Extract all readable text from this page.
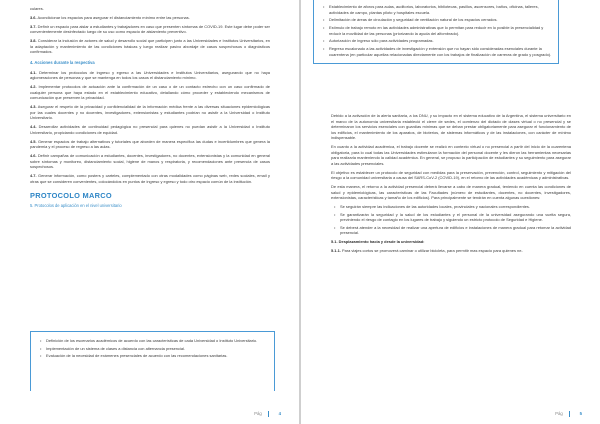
culares.

3.6. Acondicionar los espacios para asegurar el distanciamiento mínimo entre las personas.

3.7. Definir un espacio para aislar a estudiantes y trabajadores en caso que presenten síntomas de COVID-19. Este lugar debe poder ser convenientemente desinfectado luego de su uso como espacio de aislamiento preventivo.

3.8. Considerar la inclusión de actores de salud y desarrollo social que participen junto a las Universidades e Institutos Universitarios, en la adaptación y mantenimiento de las condiciones básicas y luego realizar pasivo abordaje de casos sospechosos o diagnósticos confirmados.

4. Acciones durante la respectiva

4.1. Determinar los protocolos de ingreso y egreso a las Universidades e Institutos Universitarios, asegurando que no haya aglomeraciones de personas y que se mantenga en todos los casos el distanciamiento mínimo.

4.2. Implementar protocolos de actuación ante la confirmación de un caso o de un contacto estrecho con un caso confirmado de cualquier persona que haya estado en el establecimiento educativo, detallando cómo proceder y estableciendo mecanismos de comunicación que preserven la privacidad.

4.3. Asegurar el respeto de la privacidad y confidencialidad de la información médica frente a las diversas situaciones epidemiológicas por las cuales docentes y no docentes, investigadores, extensionistas y estudiantes podrían no asistir a la Universidad o Instituto Universitario.

4.4. Desarrollar actividades de continuidad pedagógica no presencial para quienes no puedan asistir a la Universidad o Instituto Universitario, propiciando condiciones de equidad.

4.5. Generar espacios de trabajo alternativos y tutoriales que aborden de manera específica las dudas e incertidumbres que genera la pandemia y el proceso de regreso a las aulas.

4.6. Definir campañas de comunicación a estudiantes, docentes, investigadores, no docentes, extensionistas y la comunidad en general sobre síntomas y monitoreo, distanciamiento social, higiene de manos y respiratoria, y recomendaciones ante presencia de casos sospechosos.

4.7. Generar información, como posters y carteles, complementado con otras modalidades como páginas web, redes sociales, email y otras que se consideren convenientes, colocándolos en puntos de ingreso y egreso y todo otro espacio común de la institución.

PROTOCOLO MARCO
5. Protocolos de aplicación en el nivel universitario
• Definición de los escenarios académicos de acuerdo con las características de cada Universidad o Instituto Universitario.
• Implementación de un sistema de clases a distancia con alternancia presencial.
• Evaluación de la necesidad de exámenes presenciales de acuerdo con las recomendaciones sanitarias.
Pág	4
• Establecimiento de aforos para aulas, auditorios, laboratorios, bibliotecas, pasillos, ascensores, baños, oficinas, talleres, actividades de campo, plantas piloto y hospitales escuela.
• Delimitación de áreas de circulación y seguridad de ventilación natural de los espacios cerrados.
• Estímulo de trabajo remoto en las actividades administrativas que lo permitan para reducir en lo posible la presencialidad y reducir la movilidad de las personas (priorizando la ayuda del alfombrado).
• Autorización de ingreso sólo para actividades programadas.
• Regreso escalonado a las actividades de investigación y extensión que no hayan sido consideradas esenciales durante la cuarentena (en particular aquellas relacionadas directamente con los trabajos de finalización de carreras de grado y posgrado).

Debido a la activación de la alerta sanitaria, a los DNU, y su impacto en el sistema educativo de la Argentina, el sistema universitario en el marco de la autonomía universitaria estableció el cierre de sedes, el comienzo del dictado de clases virtual o no presencial y se determinaron los servicios esenciales con guardias mínimas que se deban prestar obligatoriamente para asegurar el funcionamiento de los edificios, el mantenimiento de los aparatos, de bioterios, de sistemas informáticos y de las instalaciones, con carácter de mínimo indispensable.

En cuanto a la actividad académica, el trabajo docente se realizó en contexto virtual o no presencial a partir del inicio de la cuarentena obligatoria, para lo cual todas las Universidades estimularon la formación del personal docente y les dieron las herramientas necesarias para realizarla manteniendo la calidad académica. En general, se propuso la participación de estudiantes y su seguimiento para asegurar a las actividades presenciales.

El objetivo es establecer un protocolo de seguridad con medidas para la preservación, prevención, control, seguimiento y mitigación del riesgo a la comunidad universitaria a causa del SARS-CoV-2 (COVID-19), en el retorno de las actividades académicas y administrativas.

De esta manera, el retorno a la actividad presencial deberá llevarse a cabo de manera gradual, teniendo en cuenta las condiciones de salud y epidemiológicas, las características de las Facultades (número de estudiantes, docentes, no docentes, investigadores, extensionistas, características y tamaño de los edificios). Para principalmente se tendrán en cuenta algunas cuestiones:

• Se seguirán siempre las indicaciones de las autoridades locales, provinciales y nacionales correspondientes.
• Se garantizarán la seguridad y la salud de los estudiantes y el personal de la universidad asegurando una vuelta segura, previniendo el riesgo de contagio en los lugares de trabajo y siguiendo un estricto protocolo de Seguridad e Higiene.
• Se deberá atender a la necesidad de realizar una apertura de edificios e instalaciones de manera gradual para retomar la actividad presencial.

5.1. Desplazamiento hacia y desde la universidad:

5.1.1. Para viajes cortos se promoverá caminar o utilizar bicicleta, para permitir mas espacio para quienes ne-

Pág	5
